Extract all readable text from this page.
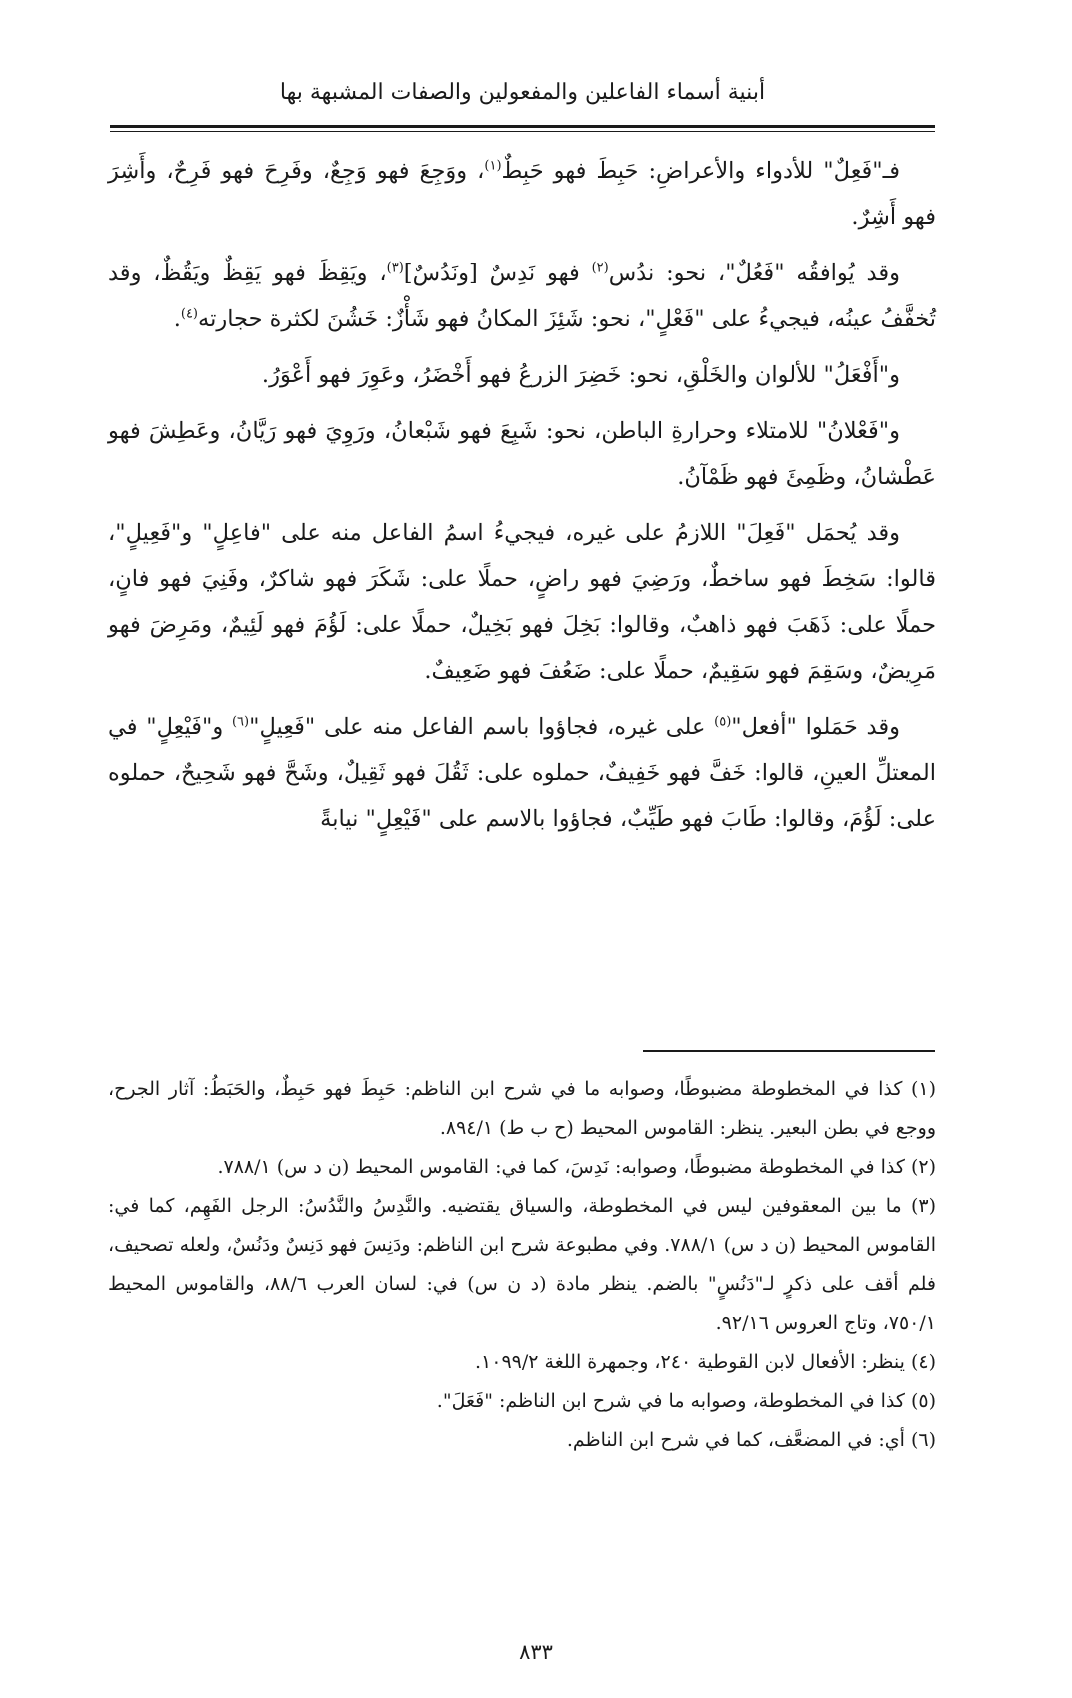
أبنية أسماء الفاعلين والمفعولين والصفات المشبهة بها

فـ"فَعِلٌ" للأدواء والأعراضِ: حَبِطَ فهو حَبِطٌ$^{(١)}$، ووَجِعَ فهو وَجِعٌ، وفَرِحَ فهو فَرِحٌ، وأَشِرَ فهو أَشِرٌ.

وقد يُوافقُه "فَعُلٌ"، نحو: ندُس$^{(٢)}$ فهو نَدِسٌ [ونَدُسٌ]$^{(٣)}$، ويَقِظَ فهو يَقِظٌ ويَقُظٌ، وقد تُخفَّفُ عينُه، فيجيءُ على "فَعْلٍ"، نحو: شَئِزَ المكانُ فهو شَأْزٌ: خَشُنَ لكثرة حجارته$^{(٤)}$.

و"أَفْعَلُ" للألوان والخَلْقِ، نحو: خَضِرَ الزرعُ فهو أَخْضَرُ، وعَوِرَ فهو أَعْوَرُ.

و"فَعْلانُ" للامتلاء وحرارةِ الباطن، نحو: شَبِعَ فهو شَبْعانُ، ورَوِيَ فهو رَيَّانُ، وعَطِشَ فهو عَطْشانُ، وظَمِئَ فهو ظَمْآنُ.

وقد يُحمَل "فَعِلَ" اللازمُ على غيره، فيجيءُ اسمُ الفاعل منه على "فاعِلٍ" و"فَعِيلٍ"، قالوا: سَخِطَ فهو ساخطٌ، ورَضِيَ فهو راضٍ، حملًا على: شَكَرَ فهو شاكرٌ، وفَنِيَ فهو فانٍ، حملًا على: ذَهَبَ فهو ذاهبٌ، وقالوا: بَخِلَ فهو بَخِيلٌ، حملًا على: لَؤُمَ فهو لَئِيمٌ، ومَرِضَ فهو مَرِيضٌ، وسَقِمَ فهو سَقِيمٌ، حملًا على: ضَعُفَ فهو ضَعِيفٌ.

وقد حَمَلوا "أفعل"$^{(٥)}$ على غيره، فجاؤوا باسم الفاعل منه على "فَعِيلٍ"$^{(٦)}$ و"فَيْعِلٍ" في المعتلِّ العينِ، قالوا: خَفَّ فهو خَفِيفٌ، حملوه على: ثَقُلَ فهو ثَقِيلٌ، وشَحَّ فهو شَحِيحٌ، حملوه على: لَؤُمَ، وقالوا: طَابَ فهو طَيِّبٌ، فجاؤوا بالاسم على "فَيْعِلٍ" نيابةً

(١) كذا في المخطوطة مضبوطًا، وصوابه ما في شرح ابن الناظم: حَبِطَ فهو حَبِطٌ، والحَبَطُ: آثار الجرح، ووجع في بطن البعير. ينظر: القاموس المحيط (ح ب ط) ٨٩٤/١.

(٢) كذا في المخطوطة مضبوطًا، وصوابه: نَدِسَ، كما في: القاموس المحيط (ن د س) ٧٨٨/١.

(٣) ما بين المعقوفين ليس في المخطوطة، والسياق يقتضيه. والنَّدِسُ والنَّدُسُ: الرجل الفَهِم، كما في: القاموس المحيط (ن د س) ٧٨٨/١. وفي مطبوعة شرح ابن الناظم: ودَنِسَ فهو دَنِسٌ ودَنُسٌ، ولعله تصحيف، فلم أقف على ذكرٍ لـ"دَنُسٍ" بالضم. ينظر مادة (د ن س) في: لسان العرب ٨٨/٦، والقاموس المحيط ٧٥٠/١، وتاج العروس ٩٢/١٦.

(٤) ينظر: الأفعال لابن القوطية ٢٤٠، وجمهرة اللغة ١٠٩٩/٢.

(٥) كذا في المخطوطة، وصوابه ما في شرح ابن الناظم: "فَعَلَ".

(٦) أي: في المضعَّف، كما في شرح ابن الناظم.

٨٣٣
